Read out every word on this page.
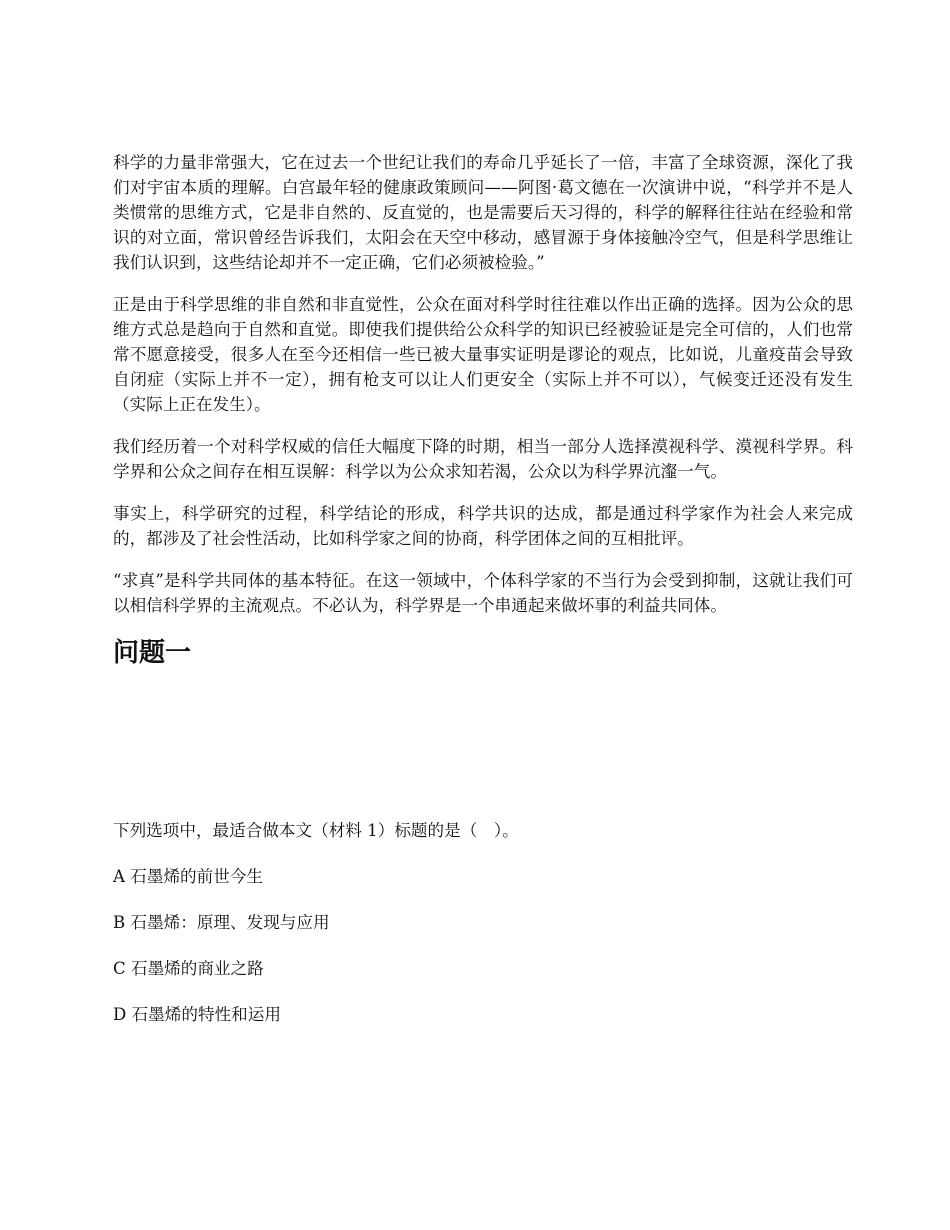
科学的力量非常强大，它在过去一个世纪让我们的寿命几乎延长了一倍，丰富了全球资源，深化了我们对宇宙本质的理解。白宫最年轻的健康政策顾问——阿图·葛文德在一次演讲中说，“科学并不是人类惯常的思维方式，它是非自然的、反直觉的，也是需要后天习得的，科学的解释往往站在经验和常识的对立面，常识曾经告诉我们，太阳会在天空中移动，感冒源于身体接触冷空气，但是科学思维让我们认识到，这些结论却并不一定正确，它们必须被检验。”

正是由于科学思维的非自然和非直觉性，公众在面对科学时往往难以作出正确的选择。因为公众的思维方式总是趋向于自然和直觉。即使我们提供给公众科学的知识已经被验证是完全可信的，人们也常常不愿意接受，很多人在至今还相信一些已被大量事实证明是谬论的观点，比如说，儿童疫苗会导致自闭症（实际上并不一定），拥有枪支可以让人们更安全（实际上并不可以），气候变迁还没有发生（实际上正在发生）。

我们经历着一个对科学权威的信任大幅度下降的时期，相当一部分人选择漠视科学、漠视科学界。科学界和公众之间存在相互误解：科学以为公众求知若渴，公众以为科学界沆瀣一气。

事实上，科学研究的过程，科学结论的形成，科学共识的达成，都是通过科学家作为社会人来完成的，都涉及了社会性活动，比如科学家之间的协商，科学团体之间的互相批评。

“求真”是科学共同体的基本特征。在这一领域中，个体科学家的不当行为会受到抑制，这就让我们可以相信科学界的主流观点。不必认为，科学界是一个串通起来做坏事的利益共同体。

问题一

下列选项中，最适合做本文（材料 1）标题的是（　）。

A 石墨烯的前世今生

B 石墨烯：原理、发现与应用

C 石墨烯的商业之路

D 石墨烯的特性和运用
